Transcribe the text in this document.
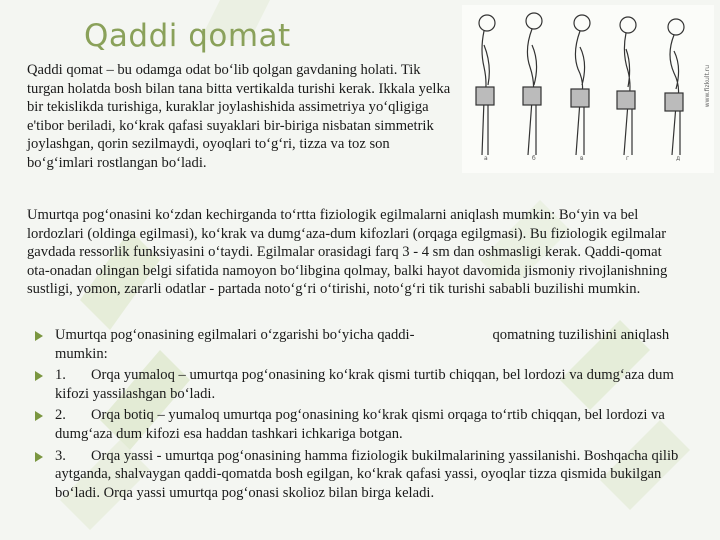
Qaddi qomat

Qaddi qomat – bu odamga odat bo‘lib qolgan gavdaning holati. Tik turgan holatda bosh bilan tana bitta vertikalda turishi kerak. Ikkala yelka bir tekislikda turishiga, kuraklar joylashishida assimetriya yo‘qligiga e'tibor beriladi, ko‘krak qafasi suyaklari bir-biriga nisbatan simmetrik joylashgan, qorin sezilmaydi, oyoqlari to‘g‘ri, tizza va toz son bo‘g‘imlari rostlangan bo‘ladi.	a	б	в	г	д
www.fizkult.ru

Umurtqa pog‘onasini ko‘zdan kechirganda to‘rtta fiziologik egilmalarni aniqlash mumkin: Bo‘yin va bel lordozlari (oldinga egilmasi), ko‘krak va dumg‘aza-dum kifozlari (orqaga egilgmasi). Bu fiziologik egilmalar gavdada ressorlik funksiyasini o‘taydi. Egilmalar orasidagi farq 3 - 4 sm dan oshmasligi kerak. Qaddi-qomat ota-onadan olingan belgi sifatida namoyon bo‘libgina qolmay, balki hayot davomida jismoniy rivojlanishning sustligi, yomon, zararli odatlar - partada noto‘g‘ri o‘tirishi, noto‘g‘ri tik turishi sababli buzilishi mumkin.

Umurtqa pog‘onasining egilmalari o‘zgarishi bo‘yicha qaddi-	qomatning tuzilishini aniqlash mumkin:
1. Orqa yumaloq – umurtqa pog‘onasining ko‘krak qismi turtib chiqqan, bel lordozi va dumg‘aza dum kifozi yassilashgan bo‘ladi.
2. Orqa botiq – yumaloq umurtqa pog‘onasining ko‘krak qismi orqaga to‘rtib chiqqan, bel lordozi va dumg‘aza dum kifozi esa haddan tashkari ichkariga botgan.
3. Orqa yassi - umurtqa pog‘onasining hamma fiziologik bukilmalarining yassilanishi. Boshqacha qilib aytganda, shalvaygan qaddi-qomatda bosh egilgan, ko‘krak qafasi yassi, oyoqlar tizza qismida bukilgan bo‘ladi. Orqa yassi umurtqa pog‘onasi skolioz bilan birga keladi.
